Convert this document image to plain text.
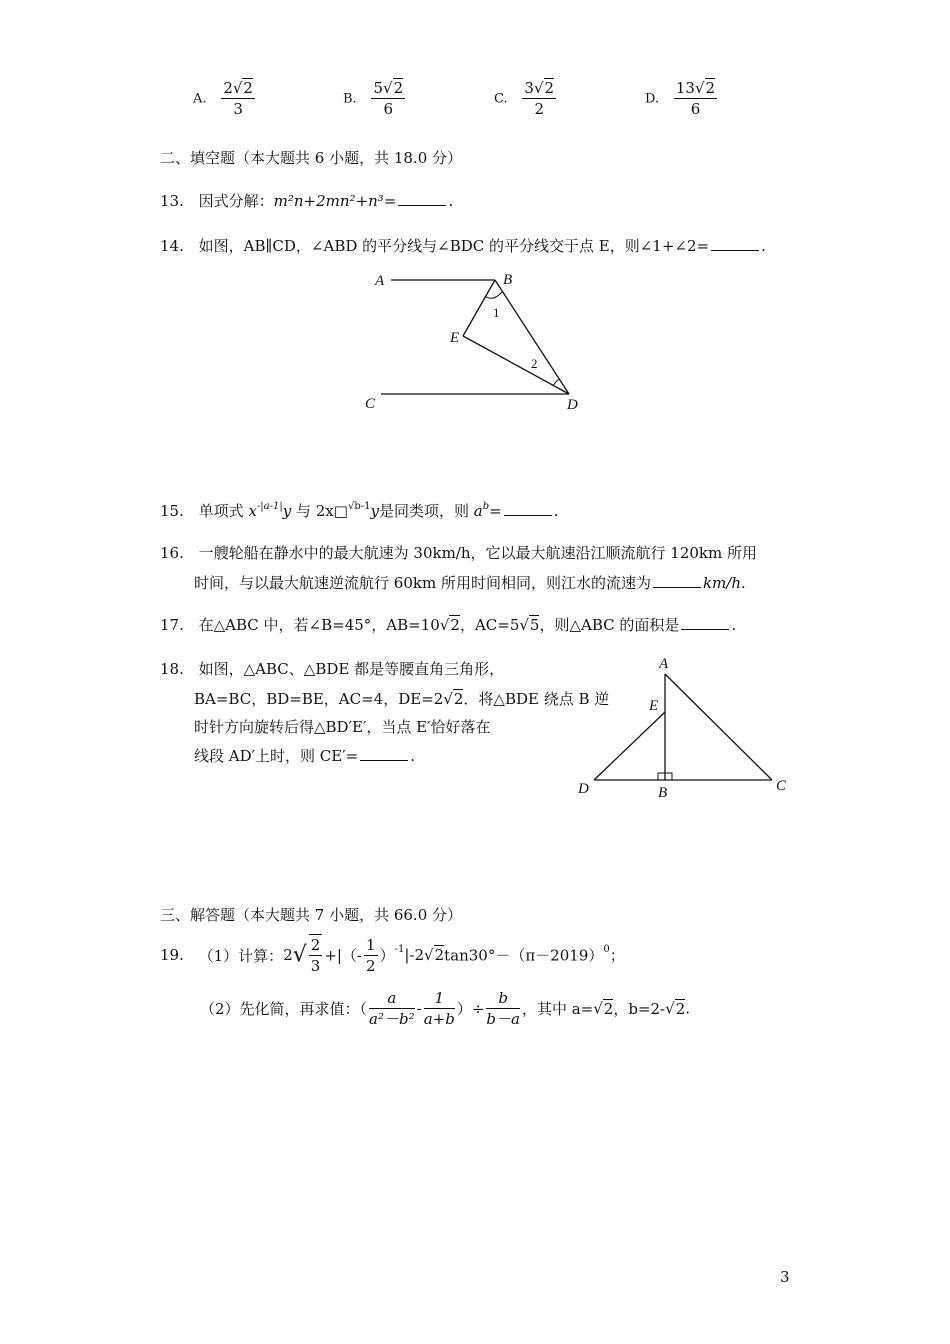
A. $\frac{2√2}{3}$	B. $\frac{5√2}{6}$	C. $\frac{3√2}{2}$	D. $\frac{13√2}{6}$
二、填空题（本大题共 6 小题，共 18.0 分）
13. 因式分解：m²n+2mn²+n³=	.
14. 如图，AB∥CD，∠ABD 的平分线与∠BDC 的平分线交于点 E，则∠1+∠2=	.
A	B
C	D
E
1
2
15. 单项式 $x^{-|a-1|}y$ 与 2x□$^{√b-1}$y是同类项，则 $a^b=$	.
16. 一艘轮船在静水中的最大航速为 30km/h，它以最大航速沿江顺流航行 120km 所用
时间，与以最大航速逆流航行 60km 所用时间相同，则江水的流速为	km/h.
17. 在△ABC 中，若∠B=45°，AB=10√2，AC=5√5，则△ABC 的面积是	.
18. 如图，△ABC、△BDE 都是等腰直角三角形，
BA=BC，BD=BE，AC=4，DE=2√2．将△BDE 绕点 B 逆
时针方向旋转后得△BD′E′，当点 E′恰好落在
线段 AD′上时，则 CE′=	.
A
E
D	B	C
三、解答题（本大题共 7 小题，共 66.0 分）
19. （1）计算：$2√ \frac{2}{3}$ +|（- $\frac{1}{2} )^{-1}|-2√2\tan 30^\circ-(\pi-2019)^0$；
（2）先化简，再求值：（ $\frac{a}{\text{a²－b²}} - \frac{1}{a+b}$ ）÷ $\frac{b}{b-a}$ ，其中 a=√2，b=2-√2.
3
